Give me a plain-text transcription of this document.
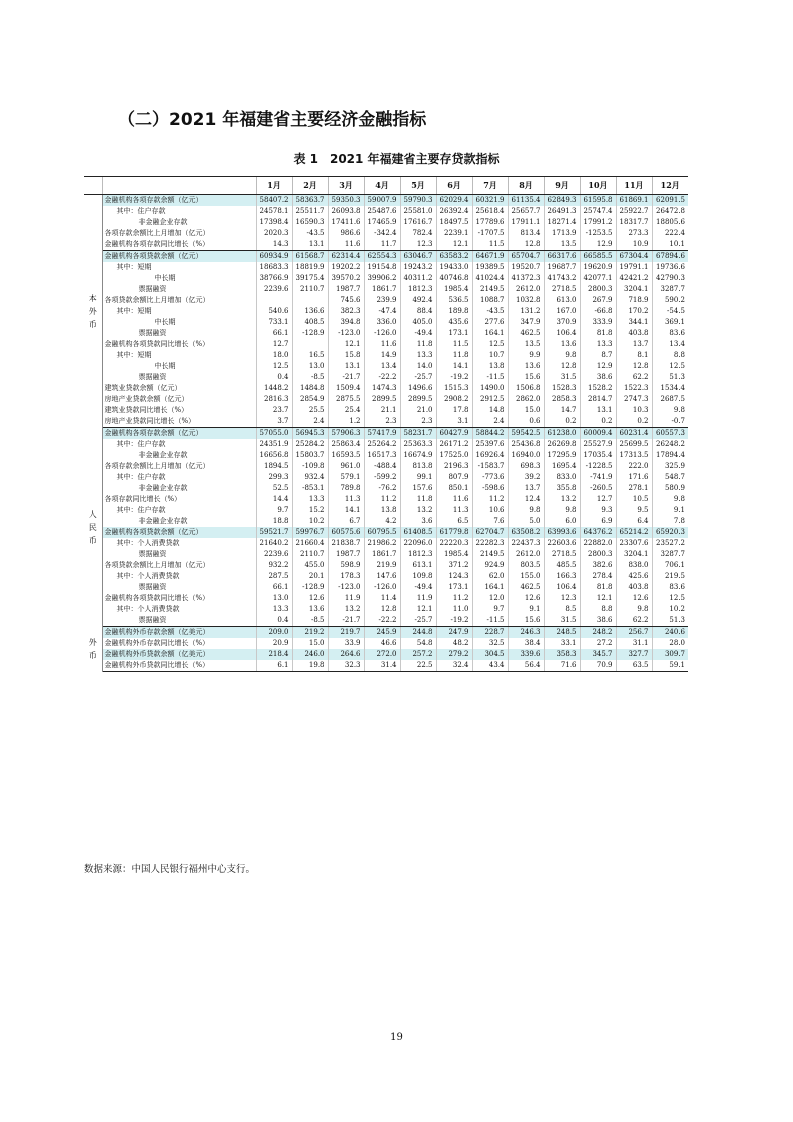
（二）2021 年福建省主要经济金融指标
表 1　2021 年福建省主要存贷款指标
		1月	2月	3月	4月	5月	6月	7月	8月	9月	10月	11月	12月
本
外
币	金融机构各项存款余额（亿元）	58407.2	58363.7	59350.3	59007.9	59790.3	62029.4	60321.9	61135.4	62849.3	61595.8	61869.1	62091.5
	其中：住户存款	24578.1	25511.7	26093.8	25487.6	25581.0	26392.4	25618.4	25657.7	26491.3	25747.4	25922.7	26472.8
	非金融企业存款	17398.4	16590.3	17411.6	17465.9	17616.7	18497.5	17789.6	17911.1	18271.4	17991.2	18317.7	18805.6
	各项存款余额比上月增加（亿元）	2020.3	-43.5	986.6	-342.4	782.4	2239.1	-1707.5	813.4	1713.9	-1253.5	273.3	222.4
	金融机构各项存款同比增长（%）	14.3	13.1	11.6	11.7	12.3	12.1	11.5	12.8	13.5	12.9	10.9	10.1
	金融机构各项贷款余额（亿元）	60934.9	61568.7	62314.4	62554.3	63046.7	63583.2	64671.9	65704.7	66317.6	66585.5	67304.4	67894.6
	其中：短期	18683.3	18819.9	19202.2	19154.8	19243.2	19433.0	19389.5	19520.7	19687.7	19620.9	19791.1	19736.6
	中长期	38766.9	39175.4	39570.2	39906.2	40311.2	40746.8	41024.4	41372.3	41743.2	42077.1	42421.2	42790.3
	票据融资	2239.6	2110.7	1987.7	1861.7	1812.3	1985.4	2149.5	2612.0	2718.5	2800.3	3204.1	3287.7
	各项贷款余额比上月增加（亿元）			745.6	239.9	492.4	536.5	1088.7	1032.8	613.0	267.9	718.9	590.2
	其中：短期	540.6	136.6	382.3	-47.4	88.4	189.8	-43.5	131.2	167.0	-66.8	170.2	-54.5
	中长期	733.1	408.5	394.8	336.0	405.0	435.6	277.6	347.9	370.9	333.9	344.1	369.1
	票据融资	66.1	-128.9	-123.0	-126.0	-49.4	173.1	164.1	462.5	106.4	81.8	403.8	83.6
	金融机构各项贷款同比增长（%）	12.7		12.1	11.6	11.8	11.5	12.5	13.5	13.6	13.3	13.7	13.4
	其中：短期	18.0	16.5	15.8	14.9	13.3	11.8	10.7	9.9	9.8	8.7	8.1	8.8
	中长期	12.5	13.0	13.1	13.4	14.0	14.1	13.8	13.6	12.8	12.9	12.8	12.5
	票据融资	0.4	-8.5	-21.7	-22.2	-25.7	-19.2	-11.5	15.6	31.5	38.6	62.2	51.3
	建筑业贷款余额（亿元）	1448.2	1484.8	1509.4	1474.3	1496.6	1515.3	1490.0	1506.8	1528.3	1528.2	1522.3	1534.4
	房地产业贷款余额（亿元）	2816.3	2854.9	2875.5	2899.5	2899.5	2908.2	2912.5	2862.0	2858.3	2814.7	2747.3	2687.5
	建筑业贷款同比增长（%）	23.7	25.5	25.4	21.1	21.0	17.8	14.8	15.0	14.7	13.1	10.3	9.8
	房地产业贷款同比增长（%）	3.7	2.4	1.2	2.3	2.3	3.1	2.4	0.6	0.2	0.2	0.2	-0.7
人
民
币	金融机构各项存款余额（亿元）	57055.0	56945.3	57906.3	57417.9	58231.7	60427.9	58844.2	59542.5	61238.0	60009.4	60231.4	60557.3
	其中：住户存款	24351.9	25284.2	25863.4	25264.2	25363.3	26171.2	25397.6	25436.8	26269.8	25527.9	25699.5	26248.2
	非金融企业存款	16656.8	15803.7	16593.5	16517.3	16674.9	17525.0	16926.4	16940.0	17295.9	17035.4	17313.5	17894.4
	各项存款余额比上月增加（亿元）	1894.5	-109.8	961.0	-488.4	813.8	2196.3	-1583.7	698.3	1695.4	-1228.5	222.0	325.9
	其中：住户存款	299.3	932.4	579.1	-599.2	99.1	807.9	-773.6	39.2	833.0	-741.9	171.6	548.7
	非金融企业存款	52.5	-853.1	789.8	-76.2	157.6	850.1	-598.6	13.7	355.8	-260.5	278.1	580.9
	各项存款同比增长（%）	14.4	13.3	11.3	11.2	11.8	11.6	11.2	12.4	13.2	12.7	10.5	9.8
	其中：住户存款	9.7	15.2	14.1	13.8	13.2	11.3	10.6	9.8	9.8	9.3	9.5	9.1
	非金融企业存款	18.8	10.2	6.7	4.2	3.6	6.5	7.6	5.0	6.0	6.9	6.4	7.8
	金融机构各项贷款余额（亿元）	59521.7	59976.7	60575.6	60795.5	61408.5	61779.8	62704.7	63508.2	63993.6	64376.2	65214.2	65920.3
	其中：个人消费贷款	21640.2	21660.4	21838.7	21986.2	22096.0	22220.3	22282.3	22437.3	22603.6	22882.0	23307.6	23527.2
	票据融资	2239.6	2110.7	1987.7	1861.7	1812.3	1985.4	2149.5	2612.0	2718.5	2800.3	3204.1	3287.7
	各项贷款余额比上月增加（亿元）	932.2	455.0	598.9	219.9	613.1	371.2	924.9	803.5	485.5	382.6	838.0	706.1
	其中：个人消费贷款	287.5	20.1	178.3	147.6	109.8	124.3	62.0	155.0	166.3	278.4	425.6	219.5
	票据融资	66.1	-128.9	-123.0	-126.0	-49.4	173.1	164.1	462.5	106.4	81.8	403.8	83.6
	金融机构各项贷款同比增长（%）	13.0	12.6	11.9	11.4	11.9	11.2	12.0	12.6	12.3	12.1	12.6	12.5
	其中：个人消费贷款	13.3	13.6	13.2	12.8	12.1	11.0	9.7	9.1	8.5	8.8	9.8	10.2
	票据融资	0.4	-8.5	-21.7	-22.2	-25.7	-19.2	-11.5	15.6	31.5	38.6	62.2	51.3
外
币	金融机构外币存款余额（亿美元）	209.0	219.2	219.7	245.9	244.8	247.9	228.7	246.3	248.5	248.2	256.7	240.6
	金融机构外币存款同比增长（%）	20.9	15.0	33.9	46.6	54.8	48.2	32.5	38.4	33.1	27.2	31.1	28.0
	金融机构外币贷款余额（亿美元）	218.4	246.0	264.6	272.0	257.2	279.2	304.5	339.6	358.3	345.7	327.7	309.7
	金融机构外币贷款同比增长（%）	6.1	19.8	32.3	31.4	22.5	32.4	43.4	56.4	71.6	70.9	63.5	59.1
数据来源：中国人民银行福州中心支行。
19
